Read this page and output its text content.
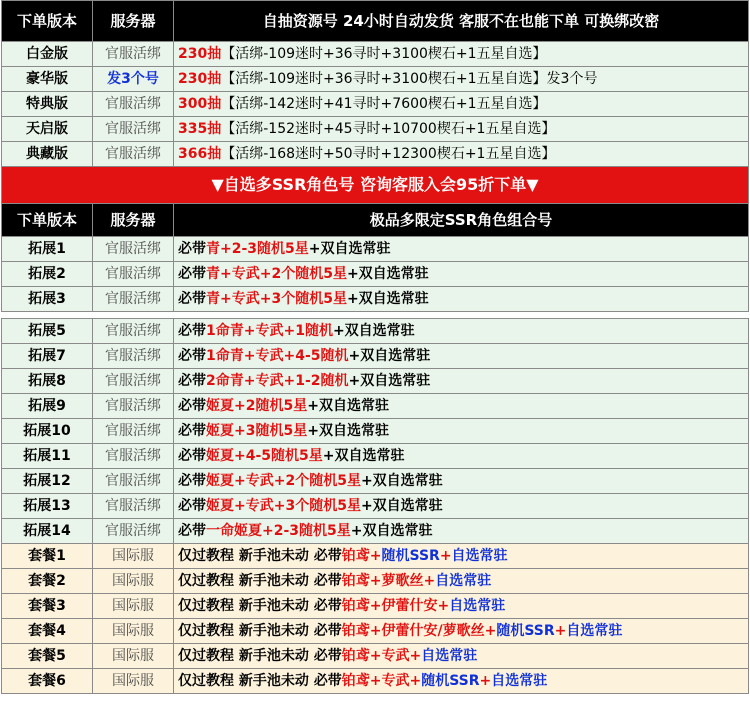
下单版本	服务器	自抽资源号 24小时自动发货 客服不在也能下单 可换绑改密
白金版	官服活绑	230抽【活绑-109迷时+36寻时+3100楔石+1五星自选】
豪华版	发3个号	230抽【活绑-109迷时+36寻时+3100楔石+1五星自选】发3个号
特典版	官服活绑	300抽【活绑-142迷时+41寻时+7600楔石+1五星自选】
天启版	官服活绑	335抽【活绑-152迷时+45寻时+10700楔石+1五星自选】
典藏版	官服活绑	366抽【活绑-168迷时+50寻时+12300楔石+1五星自选】
▼自选多SSR角色号 咨询客服入会95折下单▼		
下单版本	服务器	极品多限定SSR角色组合号
拓展1	官服活绑	必带青+2-3随机5星+双自选常驻
拓展2	官服活绑	必带青+专武+2个随机5星+双自选常驻
拓展3	官服活绑	必带青+专武+3个随机5星+双自选常驻

拓展5	官服活绑	必带1命青+专武+1随机+双自选常驻
拓展7	官服活绑	必带1命青+专武+4-5随机+双自选常驻
拓展8	官服活绑	必带2命青+专武+1-2随机+双自选常驻
拓展9	官服活绑	必带姬夏+2随机5星+双自选常驻
拓展10	官服活绑	必带姬夏+3随机5星+双自选常驻
拓展11	官服活绑	必带姬夏+4-5随机5星+双自选常驻
拓展12	官服活绑	必带姬夏+专武+2个随机5星+双自选常驻
拓展13	官服活绑	必带姬夏+专武+3个随机5星+双自选常驻
拓展14	官服活绑	必带一命姬夏+2-3随机5星+双自选常驻
套餐1	国际服	仅过教程 新手池未动 必带铂鸢+随机SSR+自选常驻
套餐2	国际服	仅过教程 新手池未动 必带铂鸢+萝歌丝+自选常驻
套餐3	国际服	仅过教程 新手池未动 必带铂鸢+伊蕾什安+自选常驻
套餐4	国际服	仅过教程 新手池未动 必带铂鸢+伊蕾什安/萝歌丝+随机SSR+自选常驻
套餐5	国际服	仅过教程 新手池未动 必带铂鸢+专武+自选常驻
套餐6	国际服	仅过教程 新手池未动 必带铂鸢+专武+随机SSR+自选常驻
